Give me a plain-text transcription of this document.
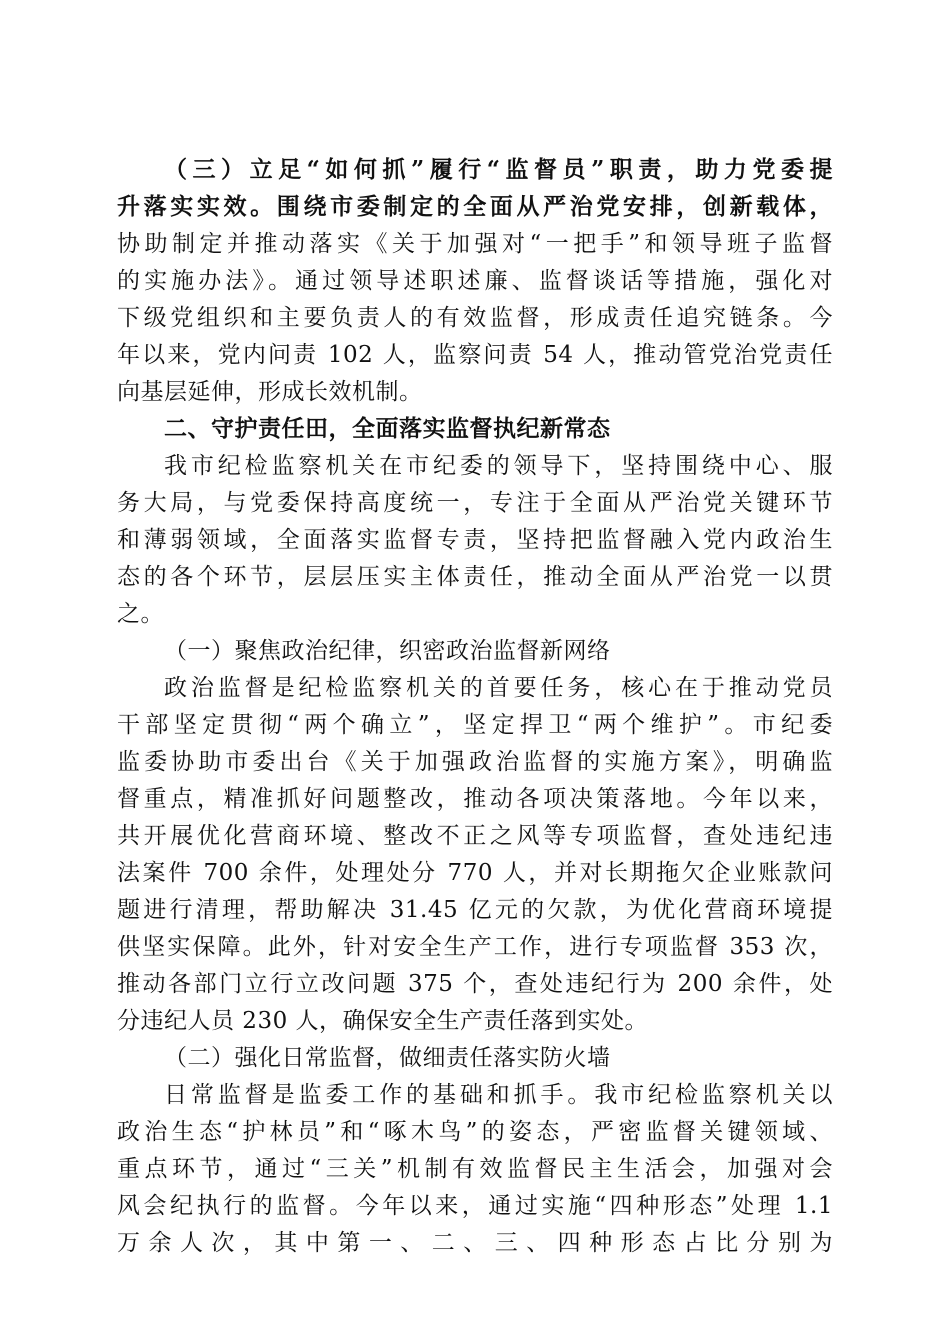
（三）立足“如何抓”履行“监督员”职责，助力党委提
升落实实效。围绕市委制定的全面从严治党安排，创新载体，
协助制定并推动落实《关于加强对“一把手”和领导班子监督
的实施办法》。通过领导述职述廉、监督谈话等措施，强化对
下级党组织和主要负责人的有效监督，形成责任追究链条。今
年以来，党内问责 102 人，监察问责 54 人，推动管党治党责任
向基层延伸，形成长效机制。
二、守护责任田，全面落实监督执纪新常态
我市纪检监察机关在市纪委的领导下，坚持围绕中心、服
务大局，与党委保持高度统一，专注于全面从严治党关键环节
和薄弱领域，全面落实监督专责，坚持把监督融入党内政治生
态的各个环节，层层压实主体责任，推动全面从严治党一以贯
之。
（一）聚焦政治纪律，织密政治监督新网络
政治监督是纪检监察机关的首要任务，核心在于推动党员
干部坚定贯彻“两个确立”，坚定捍卫“两个维护”。市纪委
监委协助市委出台《关于加强政治监督的实施方案》，明确监
督重点，精准抓好问题整改，推动各项决策落地。今年以来，
共开展优化营商环境、整改不正之风等专项监督，查处违纪违
法案件 700 余件，处理处分 770 人，并对长期拖欠企业账款问
题进行清理，帮助解决 31.45 亿元的欠款，为优化营商环境提
供坚实保障。此外，针对安全生产工作，进行专项监督 353 次，
推动各部门立行立改问题 375 个，查处违纪行为 200 余件，处
分违纪人员 230 人，确保安全生产责任落到实处。
（二）强化日常监督，做细责任落实防火墙
日常监督是监委工作的基础和抓手。我市纪检监察机关以
政治生态“护林员”和“啄木鸟”的姿态，严密监督关键领域、
重点环节，通过“三关”机制有效监督民主生活会，加强对会
风会纪执行的监督。今年以来，通过实施“四种形态”处理 1.1
万余人次，其中第一、二、三、四种形态占比分别为
